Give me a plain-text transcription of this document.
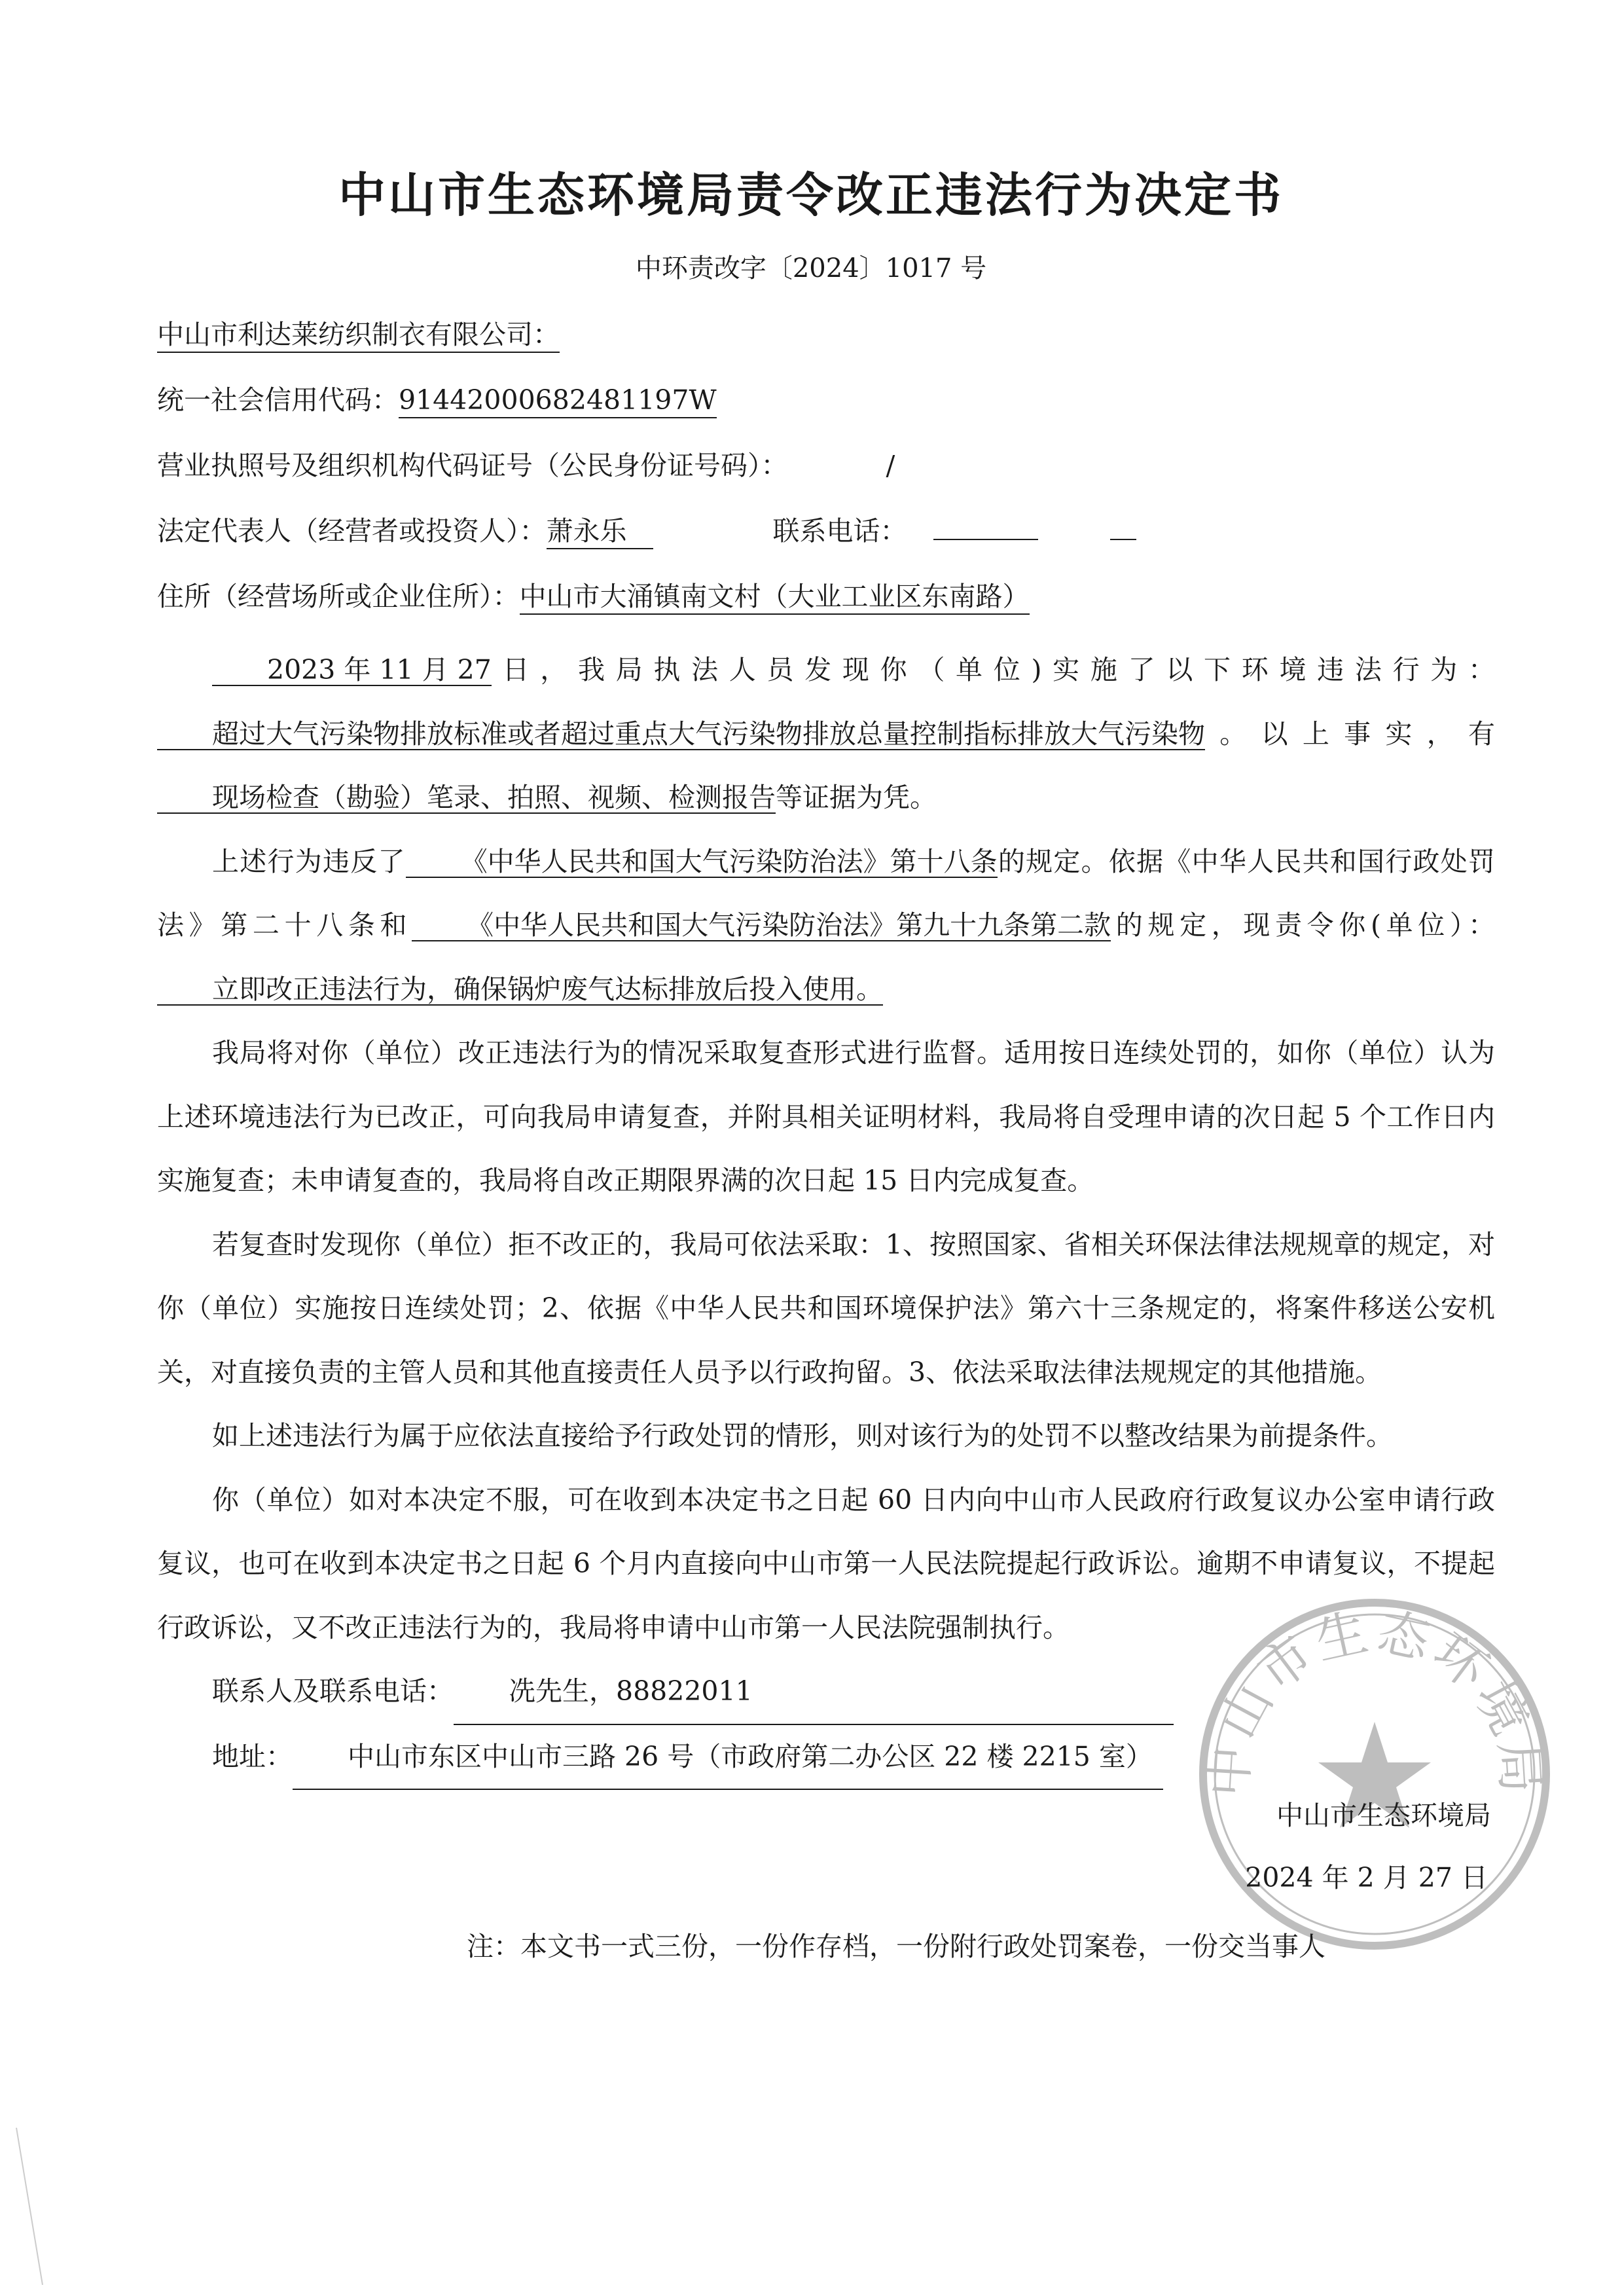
中山市生态环境局责令改正违法行为决定书
中环责改字〔2024〕1017 号
中山市利达莱纺织制衣有限公司：
统一社会信用代码：91442000682481197W
营业执照号及组织机构代码证号（公民身份证号码）：	/
法定代表人（经营者或投资人）：萧永乐	联系电话：
住所（经营场所或企业住所）：中山市大涌镇南文村（大业工业区东南路）

2023 年 11 月 27日，我局执法人员发现你（单位)实施了以下环境违法行为：超过大气污染物排放标准或者超过重点大气污染物排放总量控制指标排放大气污染物。以上事实，有现场检查（勘验）笔录、拍照、视频、检测报告等证据为凭。

上述行为违反了 《中华人民共和国大气污染防治法》第十八条的规定。依据《中华人民共和国行政处罚法》第二十八条和 《中华人民共和国大气污染防治法》第九十九条第二款的规定，现责令你(单位）：立即改正违法行为，确保锅炉废气达标排放后投入使用。

我局将对你（单位）改正违法行为的情况采取复查形式进行监督。适用按日连续处罚的，如你（单位）认为上述环境违法行为已改正，可向我局申请复查，并附具相关证明材料，我局将自受理申请的次日起 5 个工作日内实施复查；未申请复查的，我局将自改正期限界满的次日起 15 日内完成复查。

若复查时发现你（单位）拒不改正的，我局可依法采取：1、按照国家、省相关环保法律法规规章的规定，对你（单位）实施按日连续处罚；2、依据《中华人民共和国环境保护法》第六十三条规定的，将案件移送公安机关，对直接负责的主管人员和其他直接责任人员予以行政拘留。3、依法采取法律法规规定的其他措施。

如上述违法行为属于应依法直接给予行政处罚的情形，则对该行为的处罚不以整改结果为前提条件。

你（单位）如对本决定不服，可在收到本决定书之日起 60 日内向中山市人民政府行政复议办公室申请行政复议，也可在收到本决定书之日起 6 个月内直接向中山市第一人民法院提起行政诉讼。逾期不申请复议，不提起行政诉讼，又不改正违法行为的，我局将申请中山市第一人民法院强制执行。

联系人及联系电话： 冼先生，88822011

地址： 中山市东区中山市三路 26 号（市政府第二办公区 22 楼 2215 室） 中山市生态环境局
中山市生态环境局
2024 年 2 月 27 日
注：本文书一式三份，一份作存档，一份附行政处罚案卷，一份交当事人
